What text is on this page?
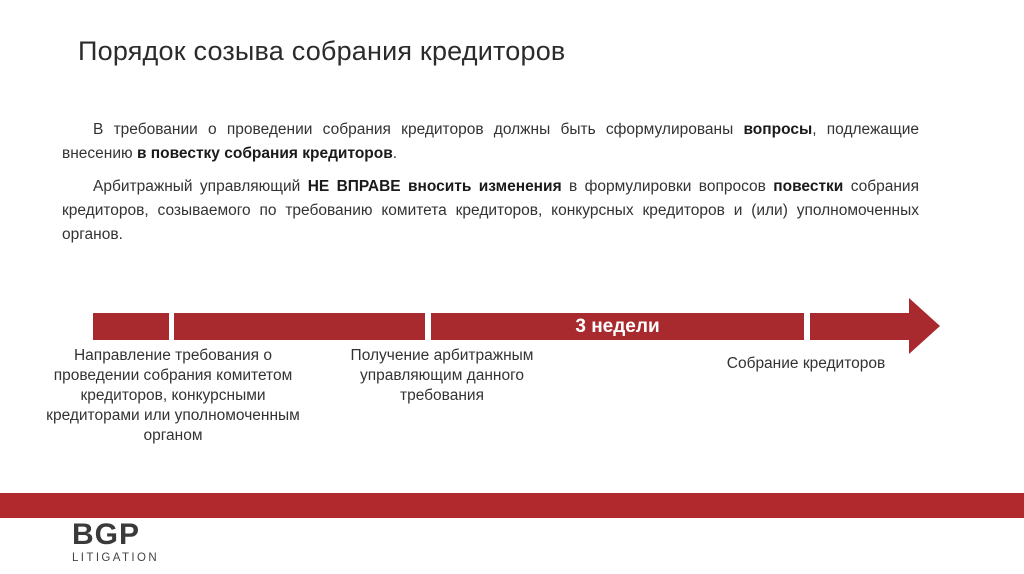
Порядок созыва собрания кредиторов

В требовании о проведении собрания кредиторов должны быть сформулированы вопросы, подлежащие внесению в повестку собрания кредиторов.

Арбитражный управляющий НЕ ВПРАВЕ вносить изменения в формулировки вопросов повестки собрания кредиторов, созываемого по требованию комитета кредиторов, конкурсных кредиторов и (или) уполномоченных органов.

3 недели
Направление требования о проведении собрания комитетом кредиторов, конкурсными кредиторами или уполномоченным органом
Получение арбитражным управляющим данного требования
Собрание кредиторов
BGP
LITIGATION
